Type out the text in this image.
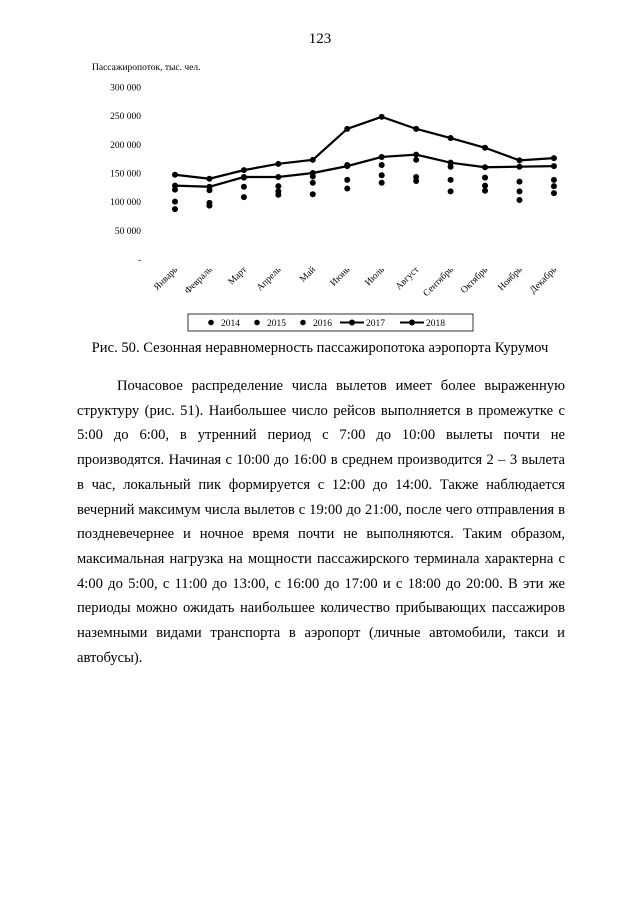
123
Пассажиропоток, тыс. чел.
-
50 000
100 000
150 000
200 000
250 000
300 000
Январь Февраль Март Апрель Май Июнь Июль Август Сентябрь Октябрь Ноябрь Декабрь
2014	2015	2016	2017	2018
Рис. 50. Сезонная неравномерность пассажиропотока аэропорта Курумоч

Почасовое распределение числа вылетов имеет более выраженную структуру (рис. 51). Наибольшее число рейсов выполняется в промежутке с 5:00 до 6:00, в утренний период с 7:00 до 10:00 вылеты почти не производятся. Начиная с 10:00 до 16:00 в среднем производится 2 – 3 вылета в час, локальный пик формируется с 12:00 до 14:00. Также наблюдается вечерний максимум числа вылетов с 19:00 до 21:00, после чего отправления в поздневечернее и ночное время почти не выполняются. Таким образом, максимальная нагрузка на мощности пассажирского терминала характерна с 4:00 до 5:00, с 11:00 до 13:00, с 16:00 до 17:00 и с 18:00 до 20:00. В эти же периоды можно ожидать наибольшее количество прибывающих пассажиров наземными видами транспорта в аэропорт (личные автомобили, такси и автобусы).
